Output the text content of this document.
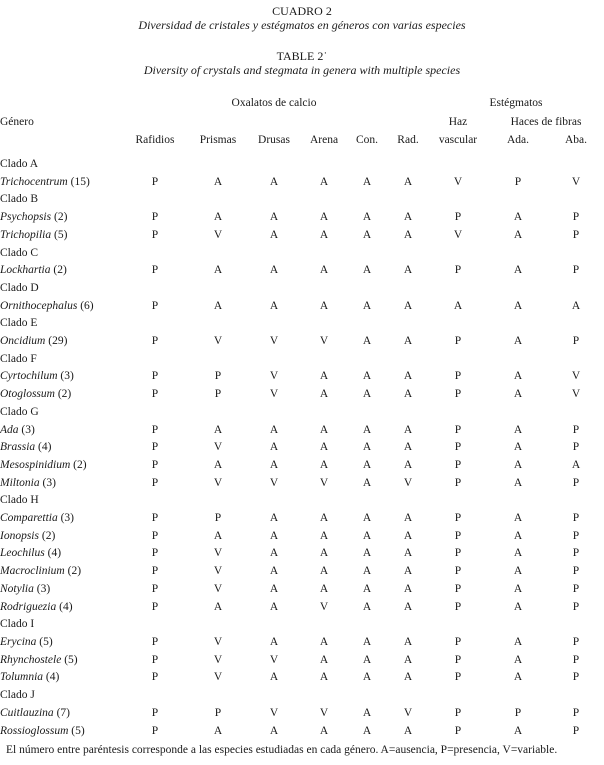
CUADRO 2
Diversidad de cristales y estégmatos en géneros con varias especies
TABLE 2˙
Diversity of crystals and stegmata in genera with multiple species
	Oxalatos de calcio						Estégmatos		
Género							Haz	Haces de fibras	
	Rafidios	Prismas	Drusas	Arena	Con.	Rad.	vascular	Ada.	Aba.

Clado A									
Trichocentrum (15)	P	A	A	A	A	A	V	P	V
Clado B									
Psychopsis (2)	P	A	A	A	A	A	P	A	P
Trichopilia (5)	P	V	A	A	A	A	V	A	P
Clado C									
Lockhartia (2)	P	A	A	A	A	A	P	A	P
Clado D									
Ornithocephalus (6)	P	A	A	A	A	A	A	A	A
Clado E									
Oncidium (29)	P	V	V	V	A	A	P	A	P
Clado F									
Cyrtochilum (3)	P	P	V	A	A	A	P	A	V
Otoglossum (2)	P	P	V	A	A	A	P	A	V
Clado G									
Ada (3)	P	A	A	A	A	A	P	A	P
Brassia (4)	P	V	A	A	A	A	P	A	P
Mesospinidium (2)	P	A	A	A	A	A	P	A	A
Miltonia (3)	P	V	V	V	A	V	P	A	P
Clado H									
Comparettia (3)	P	P	A	A	A	A	P	A	P
Ionopsis (2)	P	A	A	A	A	A	P	A	P
Leochilus (4)	P	V	A	A	A	A	P	A	P
Macroclinium (2)	P	V	A	A	A	A	P	A	P
Notylia (3)	P	V	A	A	A	A	P	A	P
Rodriguezia (4)	P	A	A	V	A	A	P	A	P
Clado I									
Erycina (5)	P	V	A	A	A	A	P	A	P
Rhynchostele (5)	P	V	V	A	A	A	P	A	P
Tolumnia (4)	P	V	A	A	A	A	P	A	P
Clado J									
Cuitlauzina (7)	P	P	V	V	A	V	P	P	P
Rossioglossum (5)	P	A	A	A	A	A	P	A	P
El número entre paréntesis corresponde a las especies estudiadas en cada género. A=ausencia, P=presencia, V=variable.
